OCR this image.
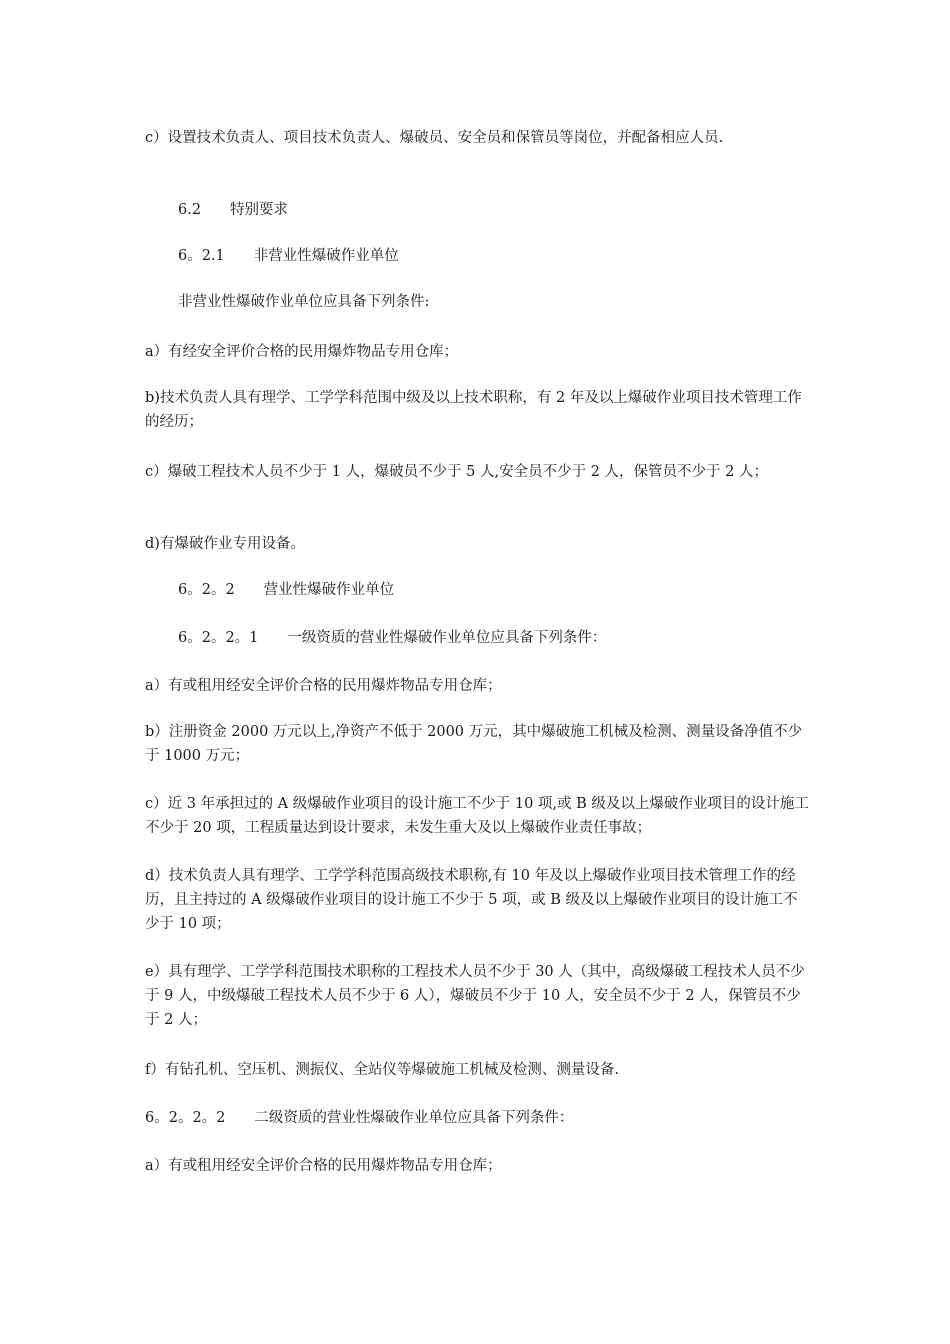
c）设置技术负责人、项目技术负责人、爆破员、安全员和保管员等岗位，并配备相应人员.

6.2　　特别要求

6。2.1　　非营业性爆破作业单位

非营业性爆破作业单位应具备下列条件:

a）有经安全评价合格的民用爆炸物品专用仓库；

b)技术负责人具有理学、工学学科范围中级及以上技术职称，有 2 年及以上爆破作业项目技术管理工作的经历；

c）爆破工程技术人员不少于 1 人，爆破员不少于 5 人,安全员不少于 2 人，保管员不少于 2 人；

d)有爆破作业专用设备。

6。2。2　　营业性爆破作业单位

6。2。2。1　　一级资质的营业性爆破作业单位应具备下列条件：

a）有或租用经安全评价合格的民用爆炸物品专用仓库；

b）注册资金 2000 万元以上,净资产不低于 2000 万元，其中爆破施工机械及检测、测量设备净值不少于 1000 万元；

c）近 3 年承担过的 A 级爆破作业项目的设计施工不少于 10 项,或 B 级及以上爆破作业项目的设计施工不少于 20 项，工程质量达到设计要求，未发生重大及以上爆破作业责任事故；

d）技术负责人具有理学、工学学科范围高级技术职称,有 10 年及以上爆破作业项目技术管理工作的经历，且主持过的 A 级爆破作业项目的设计施工不少于 5 项，或 B 级及以上爆破作业项目的设计施工不少于 10 项；

e）具有理学、工学学科范围技术职称的工程技术人员不少于 30 人（其中，高级爆破工程技术人员不少于 9 人，中级爆破工程技术人员不少于 6 人），爆破员不少于 10 人，安全员不少于 2 人，保管员不少于 2 人；

f）有钻孔机、空压机、测振仪、全站仪等爆破施工机械及检测、测量设备.

6。2。2。2　　二级资质的营业性爆破作业单位应具备下列条件：

a）有或租用经安全评价合格的民用爆炸物品专用仓库；
